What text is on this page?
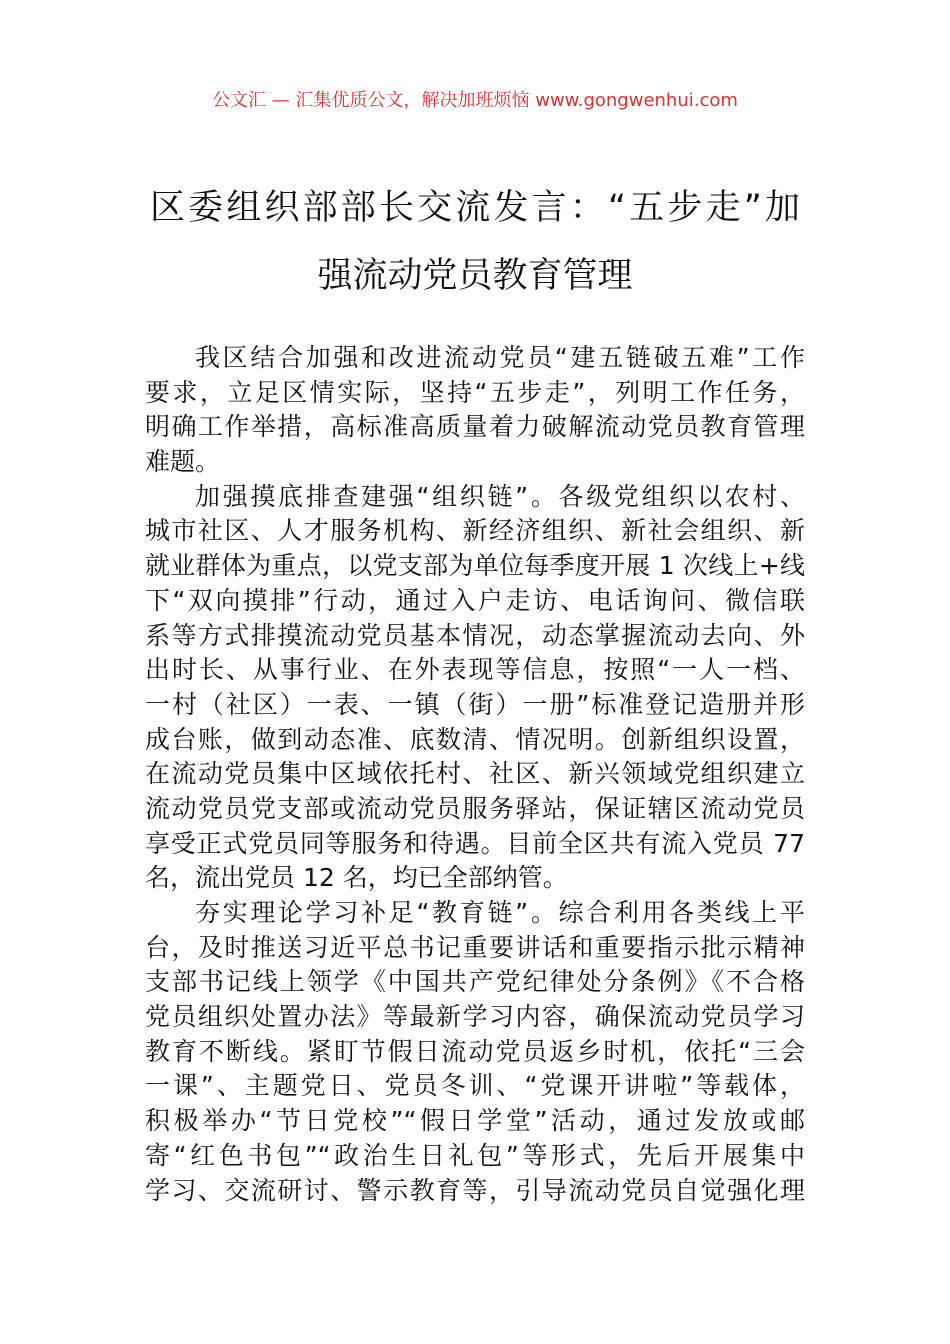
公文汇 — 汇集优质公文，解决加班烦恼 www.gongwenhui.com
区委组织部部长交流发言：“五步走”加
强流动党员教育管理
我区结合加强和改进流动党员“建五链破五难”工作
要求，立足区情实际，坚持“五步走”，列明工作任务，
明确工作举措，高标准高质量着力破解流动党员教育管理
难题。
加强摸底排查建强“组织链”。各级党组织以农村、
城市社区、人才服务机构、新经济组织、新社会组织、新
就业群体为重点，以党支部为单位每季度开展 1 次线上+线
下“双向摸排”行动，通过入户走访、电话询问、微信联
系等方式排摸流动党员基本情况，动态掌握流动去向、外
出时长、从事行业、在外表现等信息，按照“一人一档、
一村（社区）一表、一镇（街）一册”标准登记造册并形
成台账，做到动态准、底数清、情况明。创新组织设置，
在流动党员集中区域依托村、社区、新兴领域党组织建立
流动党员党支部或流动党员服务驿站，保证辖区流动党员
享受正式党员同等服务和待遇。目前全区共有流入党员 77
名，流出党员 12 名，均已全部纳管。
夯实理论学习补足“教育链”。综合利用各类线上平
台，及时推送习近平总书记重要讲话和重要指示批示精神
支部书记线上领学《中国共产党纪律处分条例》《不合格
党员组织处置办法》等最新学习内容，确保流动党员学习
教育不断线。紧盯节假日流动党员返乡时机，依托“三会
一课”、主题党日、党员冬训、“党课开讲啦”等载体，
积极举办“节日党校”“假日学堂”活动，通过发放或邮
寄“红色书包”“政治生日礼包”等形式，先后开展集中
学习、交流研讨、警示教育等，引导流动党员自觉强化理
